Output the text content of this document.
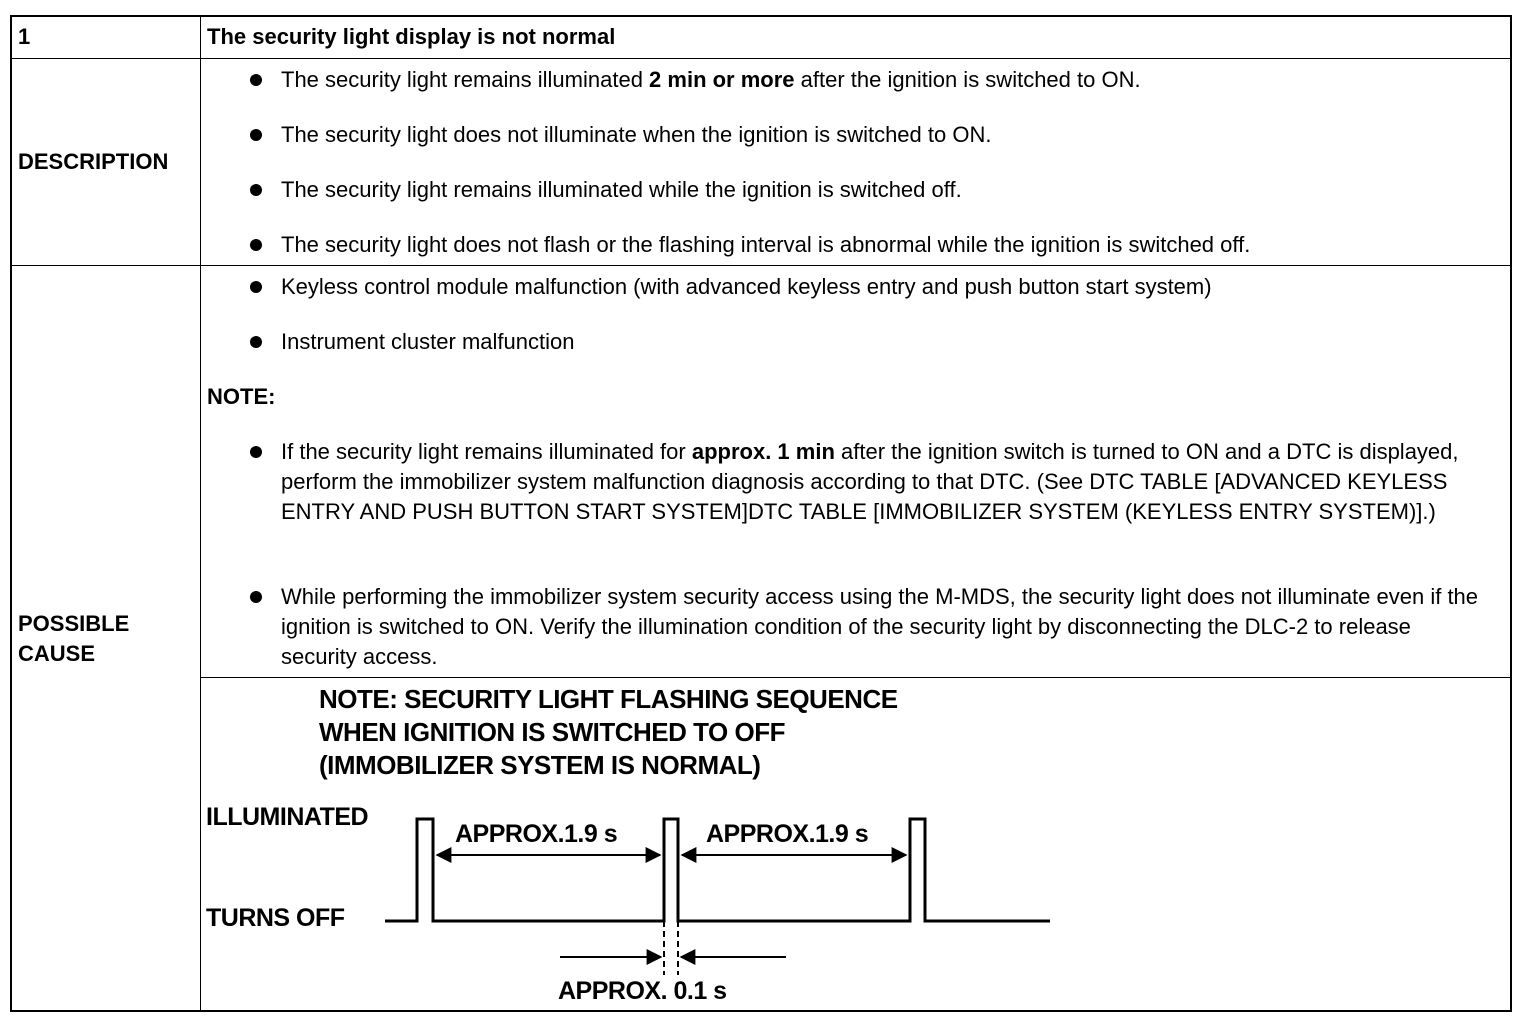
1	The security light display is not normal
DESCRIPTION
The security light remains illuminated 2 min or more after the ignition is switched to ON.
The security light does not illuminate when the ignition is switched to ON.
The security light remains illuminated while the ignition is switched off.
The security light does not flash or the flashing interval is abnormal while the ignition is switched off.
POSSIBLE
CAUSE
Keyless control module malfunction (with advanced keyless entry and push button start system)
Instrument cluster malfunction
NOTE:
If the security light remains illuminated for approx. 1 min after the ignition switch is turned to ON and a DTC is displayed, perform the immobilizer system malfunction diagnosis according to that DTC. (See DTC TABLE [ADVANCED KEYLESS ENTRY AND PUSH BUTTON START SYSTEM]DTC TABLE [IMMOBILIZER SYSTEM (KEYLESS ENTRY SYSTEM)].)
While performing the immobilizer system security access using the M-MDS, the security light does not illuminate even if the ignition is switched to ON. Verify the illumination condition of the security light by disconnecting the DLC-2 to release security access.
NOTE: SECURITY LIGHT FLASHING SEQUENCE
WHEN IGNITION IS SWITCHED TO OFF
(IMMOBILIZER SYSTEM IS NORMAL)
ILLUMINATED
TURNS OFF
APPROX.1.9 s	APPROX.1.9 s
APPROX. 0.1 s
